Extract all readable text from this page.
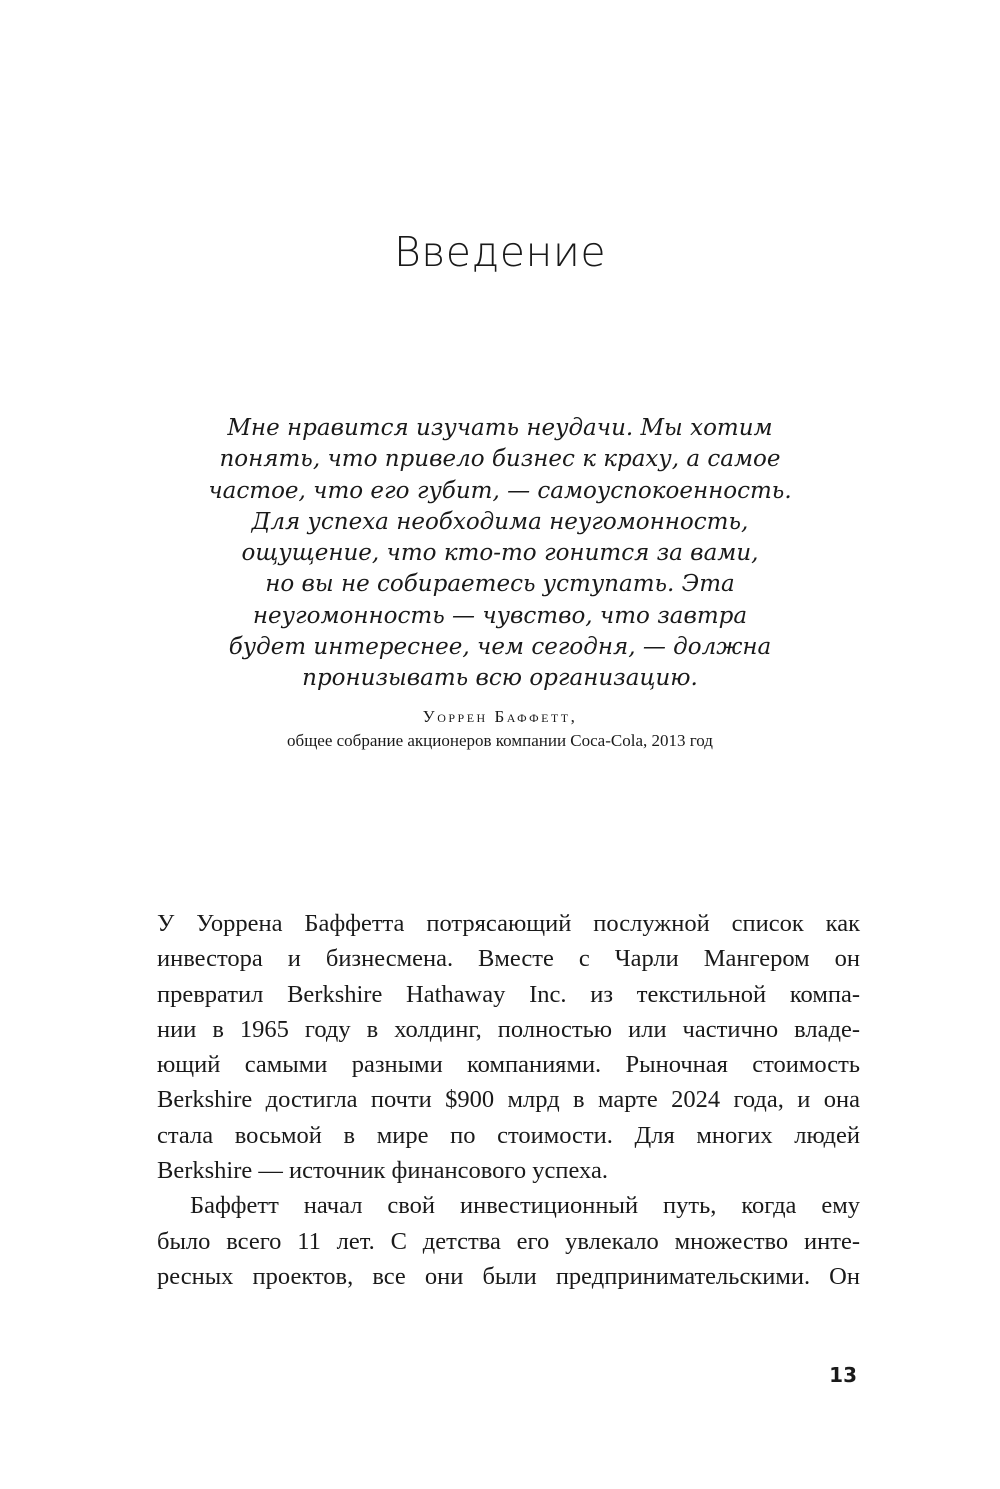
Введение
Мне нравится изучать неудачи. Мы хотим
понять, что привело бизнес к краху, а самое
частое, что его губит, — самоуспокоенность.
Для успеха необходима неугомонность,
ощущение, что кто-то гонится за вами,
но вы не собираетесь уступать. Эта
неугомонность — чувство, что завтра
будет интереснее, чем сегодня, — должна
пронизывать всю организацию.
Уоррен Баффетт,
общее собрание акционеров компании Coca-Cola, 2013 год
У Уоррена Баффетта потрясающий послужной список как
инвестора и бизнесмена. Вместе с Чарли Мангером он
превратил Berkshire Hathaway Inc. из текстильной компа-
нии в 1965 году в холдинг, полностью или частично владе-
ющий самыми разными компаниями. Рыночная стоимость
Berkshire достигла почти $900 млрд в марте 2024 года, и она
стала восьмой в мире по стоимости. Для многих людей
Berkshire — источник финансового успеха.
Баффетт начал свой инвестиционный путь, когда ему
было всего 11 лет. С детства его увлекало множество инте-
ресных проектов, все они были предпринимательскими. Он
13
